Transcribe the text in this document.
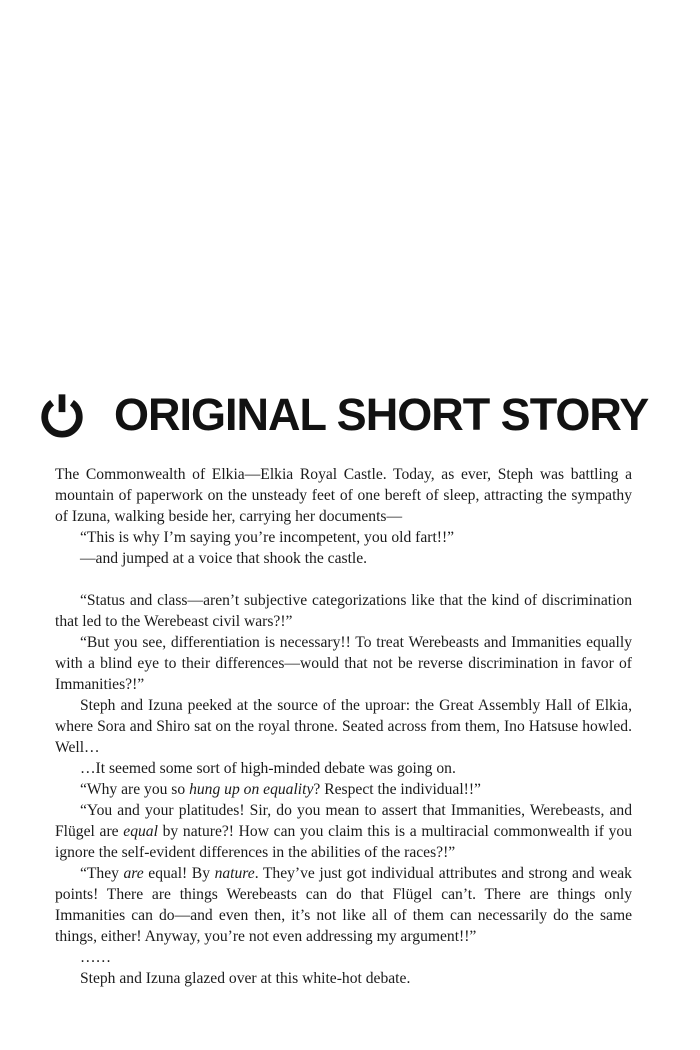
ORIGINAL SHORT STORY

The Commonwealth of Elkia—Elkia Royal Castle. Today, as ever, Steph was battling a mountain of paperwork on the unsteady feet of one bereft of sleep, attracting the sympathy of Izuna, walking beside her, carrying her documents—

“This is why I’m saying you’re incompetent, you old fart!!”

—and jumped at a voice that shook the castle.

“Status and class—aren’t subjective categorizations like that the kind of discrimination that led to the Werebeast civil wars?!”

“But you see, differentiation is necessary!! To treat Werebeasts and Immanities equally with a blind eye to their differences—would that not be reverse discrimination in favor of Immanities?!”

Steph and Izuna peeked at the source of the uproar: the Great Assembly Hall of Elkia, where Sora and Shiro sat on the royal throne. Seated across from them, Ino Hatsuse howled. Well…

…It seemed some sort of high-minded debate was going on.

“Why are you so hung up on equality? Respect the individual!!”

“You and your platitudes! Sir, do you mean to assert that Immanities, Werebeasts, and Flügel are equal by nature?! How can you claim this is a multiracial commonwealth if you ignore the self-evident differences in the abilities of the races?!”

“They are equal! By nature. They’ve just got individual attributes and strong and weak points! There are things Werebeasts can do that Flügel can’t. There are things only Immanities can do—and even then, it’s not like all of them can necessarily do the same things, either! Anyway, you’re not even addressing my argument!!”

……

Steph and Izuna glazed over at this white-hot debate.
